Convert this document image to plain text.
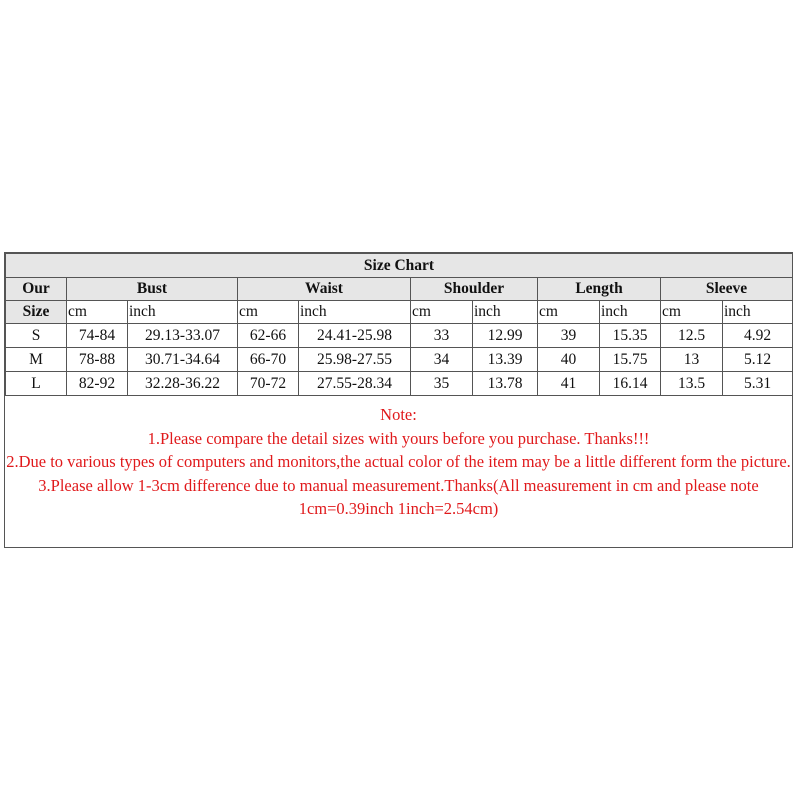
Size Chart										
Our	Bust		Waist		Shoulder		Length		Sleeve	
Size	cm	inch	cm	inch	cm	inch	cm	inch	cm	inch
S	74-84	29.13-33.07	62-66	24.41-25.98	33	12.99	39	15.35	12.5	4.92
M	78-88	30.71-34.64	66-70	25.98-27.55	34	13.39	40	15.75	13	5.12
L	82-92	32.28-36.22	70-72	27.55-28.34	35	13.78	41	16.14	13.5	5.31

Note:

1.Please compare the detail sizes with yours before you purchase. Thanks!!!

2.Due to various types of computers and monitors,the actual color of the item may be a little different form the picture.

3.Please allow 1-3cm difference due to manual measurement.Thanks(All measurement in cm and please note 1cm=0.39inch 1inch=2.54cm)
